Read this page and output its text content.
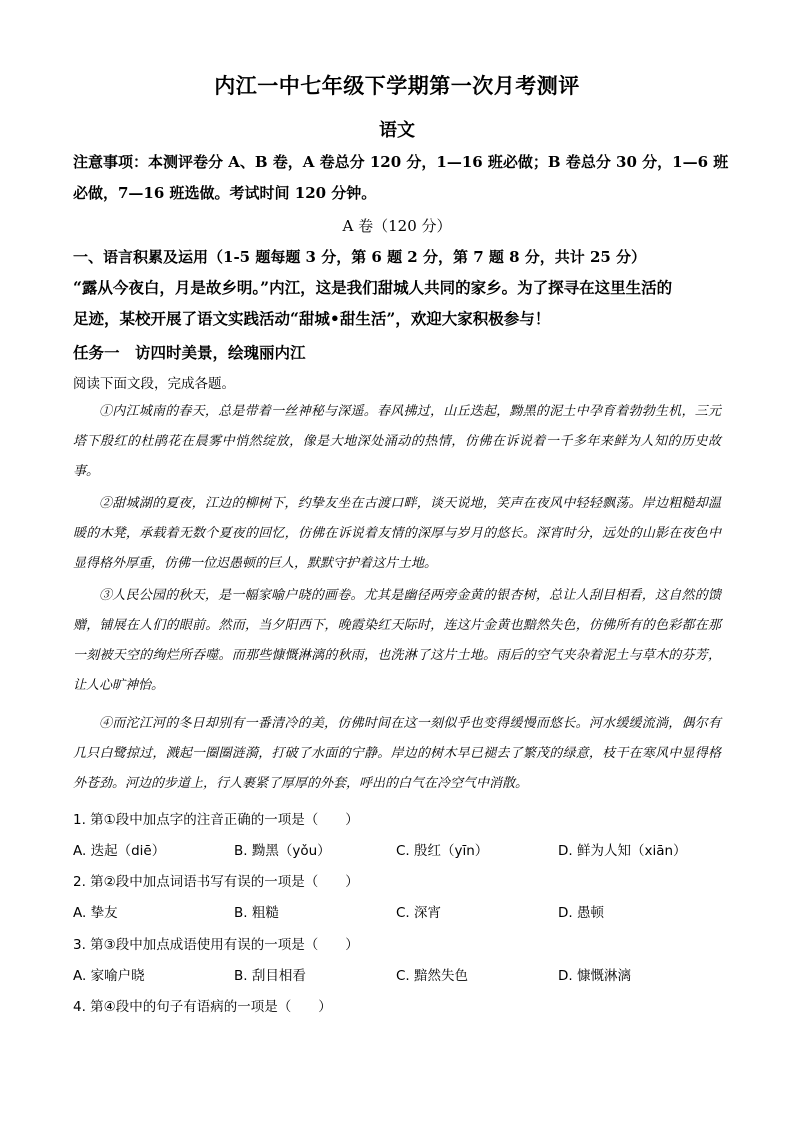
内江一中七年级下学期第一次月考测评
语文
注意事项：本测评卷分 A、B 卷，A 卷总分 120 分，1—16 班必做；B 卷总分 30 分，1—6 班
必做，7—16 班选做。考试时间 120 分钟。
A 卷（120 分）
一、语言积累及运用（1-5 题每题 3 分，第 6 题 2 分，第 7 题 8 分，共计 25 分）
“露从今夜白，月是故乡明。”内江，这是我们甜城人共同的家乡。为了探寻在这里生活的
足迹，某校开展了语文实践活动“甜城•甜生活”，欢迎大家积极参与！
任务一　访四时美景，绘瑰丽内江
阅读下面文段，完成各题。
①内江城南的春天，总是带着一丝神秘与深遥。春风拂过，山丘迭起，黝黑的泥土中孕育着勃勃生机，三元塔下殷红的杜鹃花在晨雾中悄然绽放，像是大地深处涌动的热情，仿佛在诉说着一千多年来鲜为人知的历史故事。
②甜城湖的夏夜，江边的柳树下，约挚友坐在古渡口畔，谈天说地，笑声在夜风中轻轻飘荡。岸边粗糙却温暖的木凳，承载着无数个夏夜的回忆，仿佛在诉说着友情的深厚与岁月的悠长。深宵时分，远处的山影在夜色中显得格外厚重，仿佛一位迟愚顿的巨人，默默守护着这片土地。
③人民公园的秋天，是一幅家喻户晓的画卷。尤其是幽径两旁金黄的银杏树，总让人刮目相看，这自然的馈赠，铺展在人们的眼前。然而，当夕阳西下，晚霞染红天际时，连这片金黄也黯然失色，仿佛所有的色彩都在那一刻被天空的绚烂所吞噬。而那些慷慨淋漓的秋雨，也洗淋了这片土地。雨后的空气夹杂着泥土与草木的芬芳，让人心旷神怡。
④而沱江河的冬日却别有一番清冷的美，仿佛时间在这一刻似乎也变得缓慢而悠长。河水缓缓流淌，偶尔有几只白鹭掠过，溅起一圈圈涟漪，打破了水面的宁静。岸边的树木早已褪去了繁茂的绿意，枝干在寒风中显得格外苍劲。河边的步道上，行人裹紧了厚厚的外套，呼出的白气在冷空气中消散。
1. 第①段中加点字的注音正确的一项是（　　）
A. 迭起（diē）	B. 黝黑（yǒu）	C. 殷红（yīn）	D. 鲜为人知（xiān）
2. 第②段中加点词语书写有误的一项是（　　）
A. 挚友	B. 粗糙	C. 深宵	D. 愚顿
3. 第③段中加点成语使用有误的一项是（　　）
A. 家喻户晓	B. 刮目相看	C. 黯然失色	D. 慷慨淋漓
4. 第④段中的句子有语病的一项是（　　）
